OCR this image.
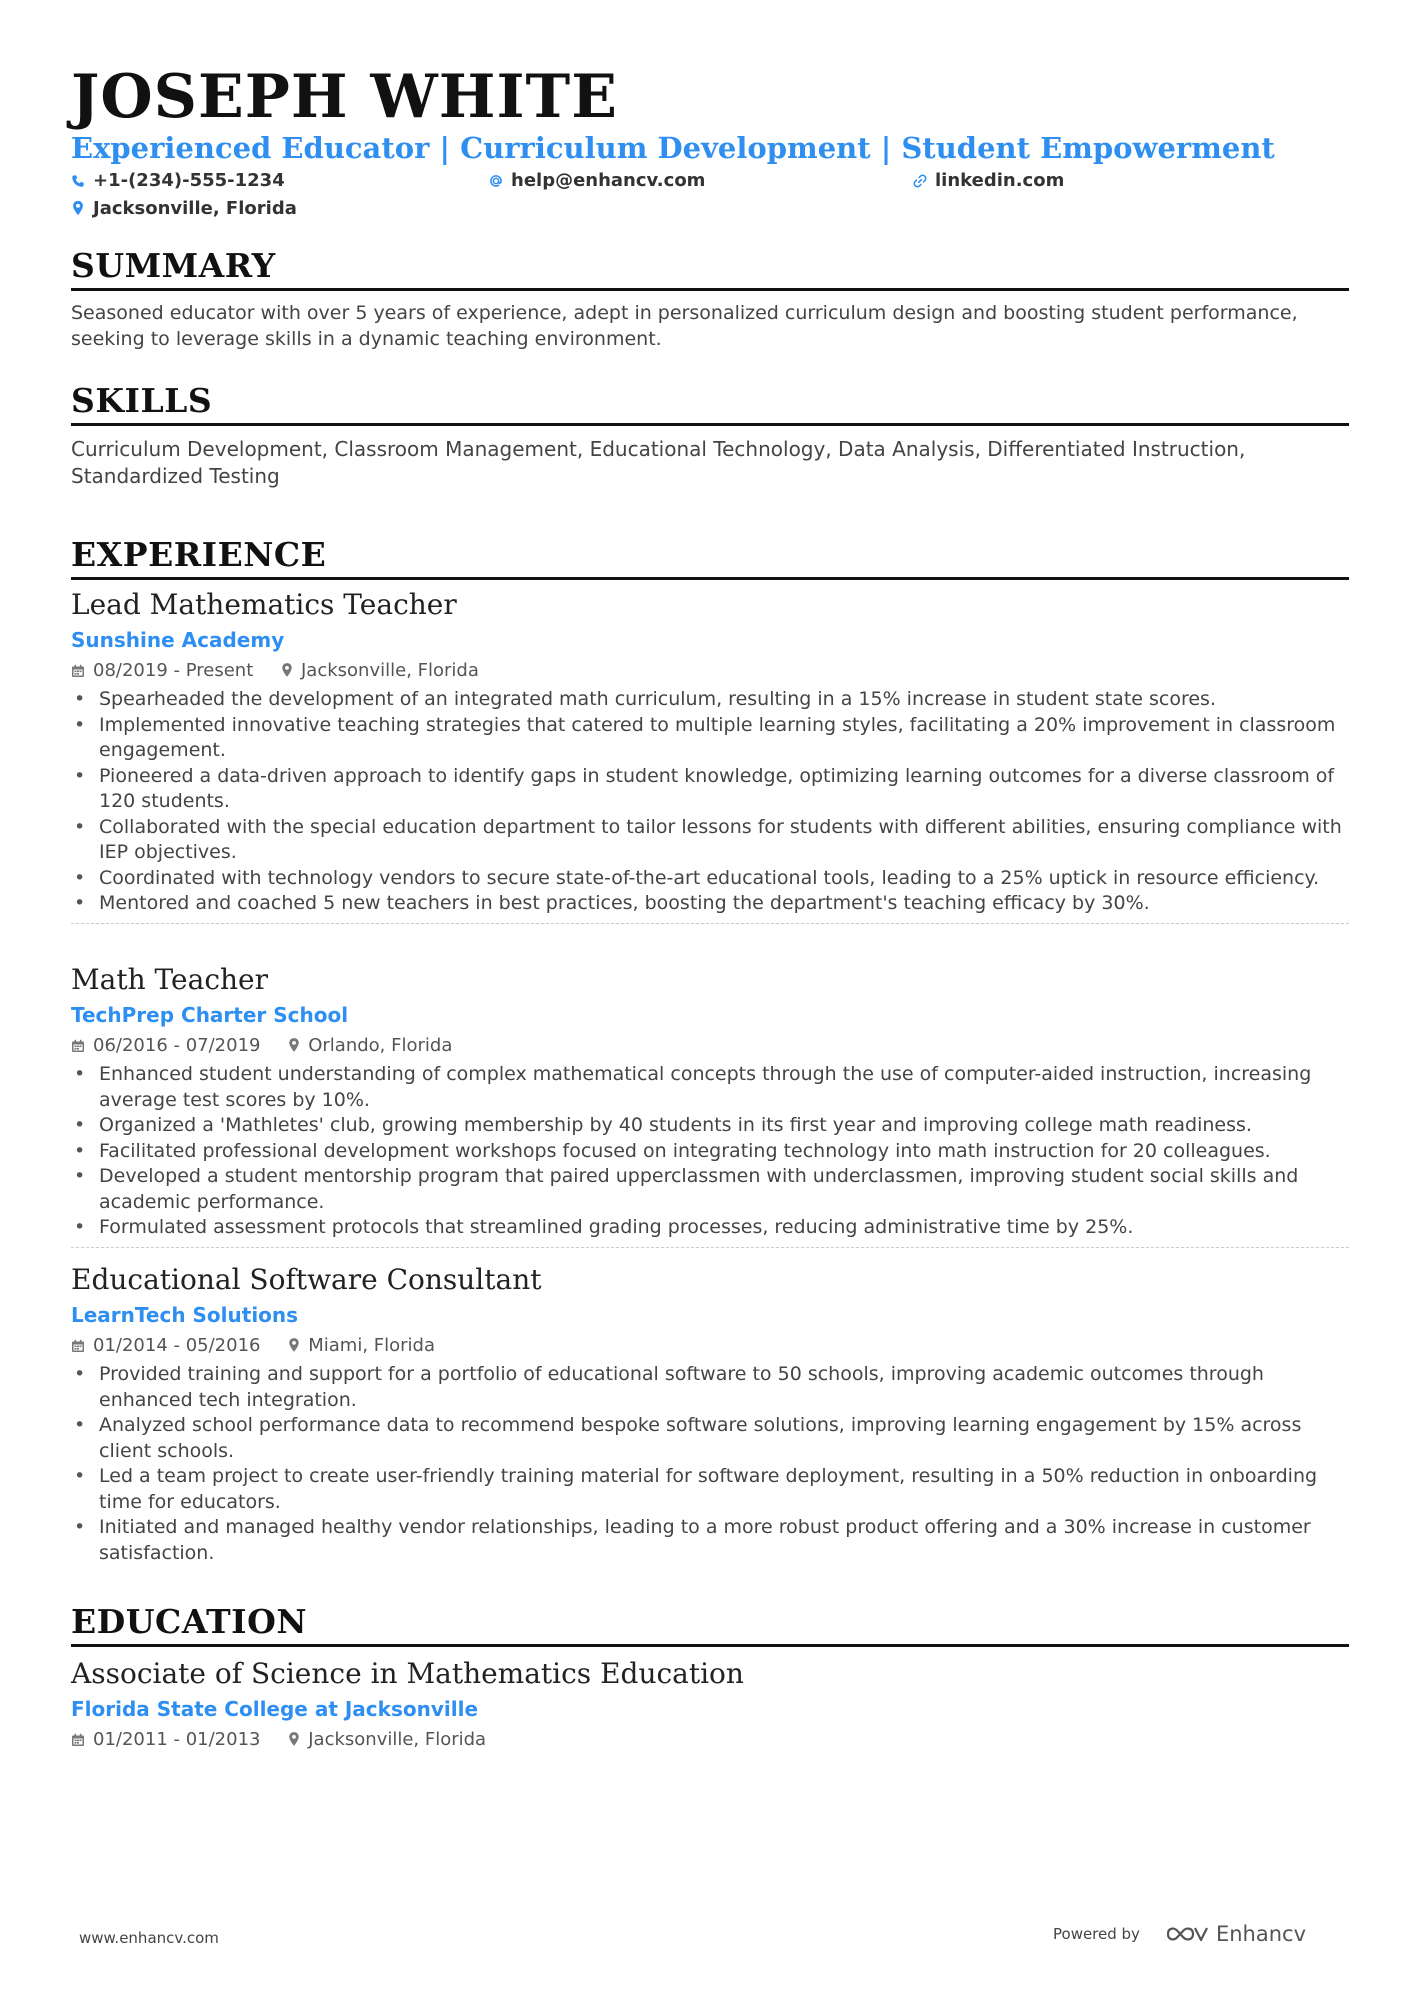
JOSEPH WHITE
Experienced Educator | Curriculum Development | Student Empowerment
+1-(234)-555-1234	help@enhancv.com	linkedin.com
Jacksonville, Florida
SUMMARY
Seasoned educator with over 5 years of experience, adept in personalized curriculum design and boosting student performance, seeking to leverage skills in a dynamic teaching environment.
SKILLS
Curriculum Development, Classroom Management, Educational Technology, Data Analysis, Differentiated Instruction, Standardized Testing
EXPERIENCE
Lead Mathematics Teacher
Sunshine Academy
08/2019 - Present	Jacksonville, Florida
• Spearheaded the development of an integrated math curriculum, resulting in a 15% increase in student state scores.
• Implemented innovative teaching strategies that catered to multiple learning styles, facilitating a 20% improvement in classroom engagement.
• Pioneered a data-driven approach to identify gaps in student knowledge, optimizing learning outcomes for a diverse classroom of 120 students.
• Collaborated with the special education department to tailor lessons for students with different abilities, ensuring compliance with IEP objectives.
• Coordinated with technology vendors to secure state-of-the-art educational tools, leading to a 25% uptick in resource efficiency.
• Mentored and coached 5 new teachers in best practices, boosting the department's teaching efficacy by 30%.
Math Teacher
TechPrep Charter School
06/2016 - 07/2019	Orlando, Florida
• Enhanced student understanding of complex mathematical concepts through the use of computer-aided instruction, increasing average test scores by 10%.
• Organized a 'Mathletes' club, growing membership by 40 students in its first year and improving college math readiness.
• Facilitated professional development workshops focused on integrating technology into math instruction for 20 colleagues.
• Developed a student mentorship program that paired upperclassmen with underclassmen, improving student social skills and academic performance.
• Formulated assessment protocols that streamlined grading processes, reducing administrative time by 25%.
Educational Software Consultant
LearnTech Solutions
01/2014 - 05/2016	Miami, Florida
• Provided training and support for a portfolio of educational software to 50 schools, improving academic outcomes through enhanced tech integration.
• Analyzed school performance data to recommend bespoke software solutions, improving learning engagement by 15% across client schools.
• Led a team project to create user-friendly training material for software deployment, resulting in a 50% reduction in onboarding time for educators.
• Initiated and managed healthy vendor relationships, leading to a more robust product offering and a 30% increase in customer satisfaction.
EDUCATION
Associate of Science in Mathematics Education
Florida State College at Jacksonville
01/2011 - 01/2013	Jacksonville, Florida
www.enhancv.com	Powered by	Enhancv
